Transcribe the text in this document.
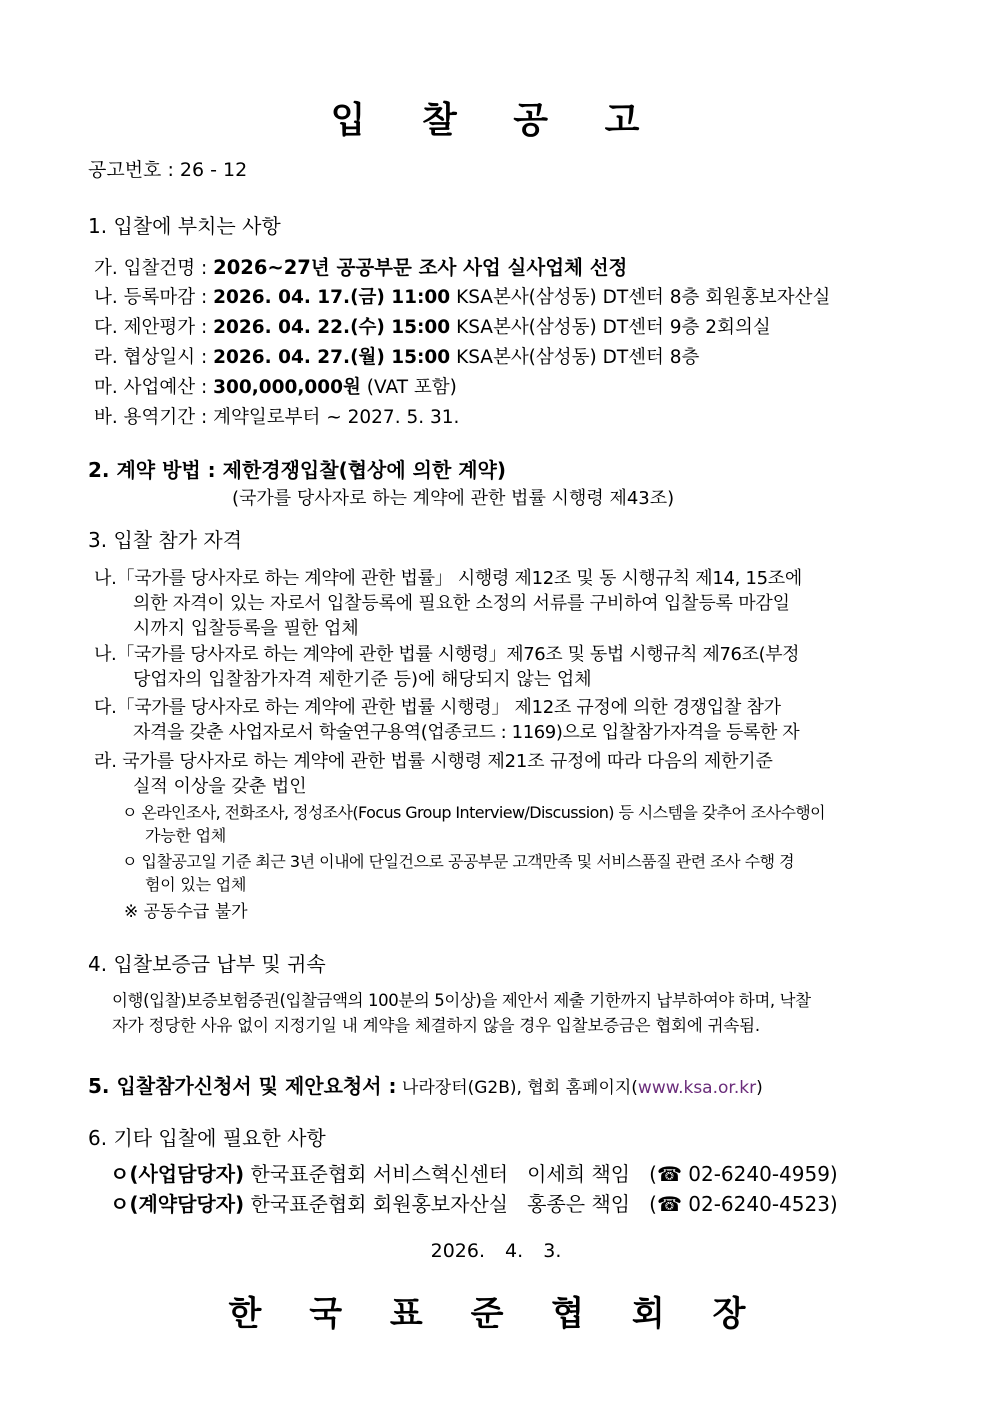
입 찰 공 고
공고번호 : 26 - 12
1. 입찰에 부치는 사항
가. 입찰건명 : 2026~27년 공공부문 조사 사업 실사업체 선정
나. 등록마감 : 2026. 04. 17.(금) 11:00 KSA본사(삼성동) DT센터 8층 회원홍보자산실
다. 제안평가 : 2026. 04. 22.(수) 15:00 KSA본사(삼성동) DT센터 9층 2회의실
라. 협상일시 : 2026. 04. 27.(월) 15:00 KSA본사(삼성동) DT센터 8층
마. 사업예산 : 300,000,000원 (VAT 포함)
바. 용역기간 : 계약일로부터 ~ 2027. 5. 31.
2. 계약 방법 : 제한경쟁입찰(협상에 의한 계약)
(국가를 당사자로 하는 계약에 관한 법률 시행령 제43조)
3. 입찰 참가 자격
나.「국가를 당사자로 하는 계약에 관한 법률」 시행령 제12조 및 동 시행규칙 제14, 15조에
의한 자격이 있는 자로서 입찰등록에 필요한 소정의 서류를 구비하여 입찰등록 마감일
시까지 입찰등록을 필한 업체
나.「국가를 당사자로 하는 계약에 관한 법률 시행령」제76조 및 동법 시행규칙 제76조(부정
당업자의 입찰참가자격 제한기준 등)에 해당되지 않는 업체
다.「국가를 당사자로 하는 계약에 관한 법률 시행령」 제12조 규정에 의한 경쟁입찰 참가
자격을 갖춘 사업자로서 학술연구용역(업종코드 : 1169)으로 입찰참가자격을 등록한 자
라. 국가를 당사자로 하는 계약에 관한 법률 시행령 제21조 규정에 따라 다음의 제한기준
실적 이상을 갖춘 법인
ㅇ 온라인조사, 전화조사, 정성조사(Focus Group Interview/Discussion) 등 시스템을 갖추어 조사수행이
가능한 업체
ㅇ 입찰공고일 기준 최근 3년 이내에 단일건으로 공공부문 고객만족 및 서비스품질 관련 조사 수행 경
험이 있는 업체
※ 공동수급 불가
4. 입찰보증금 납부 및 귀속
이행(입찰)보증보험증권(입찰금액의 100분의 5이상)을 제안서 제출 기한까지 납부하여야 하며, 낙찰
자가 정당한 사유 없이 지정기일 내 계약을 체결하지 않을 경우 입찰보증금은 협회에 귀속됨.
5. 입찰참가신청서 및 제안요청서 : 나라장터(G2B), 협회 홈페이지(www.ksa.or.kr)
6. 기타 입찰에 필요한 사항
ㅇ(사업담당자) 한국표준협회 서비스혁신센터   이세희 책임   (☎ 02-6240-4959)
ㅇ(계약담당자) 한국표준협회 회원홍보자산실   홍종은 책임   (☎ 02-6240-4523)
2026. 4. 3.
한 국 표 준 협 회 장
